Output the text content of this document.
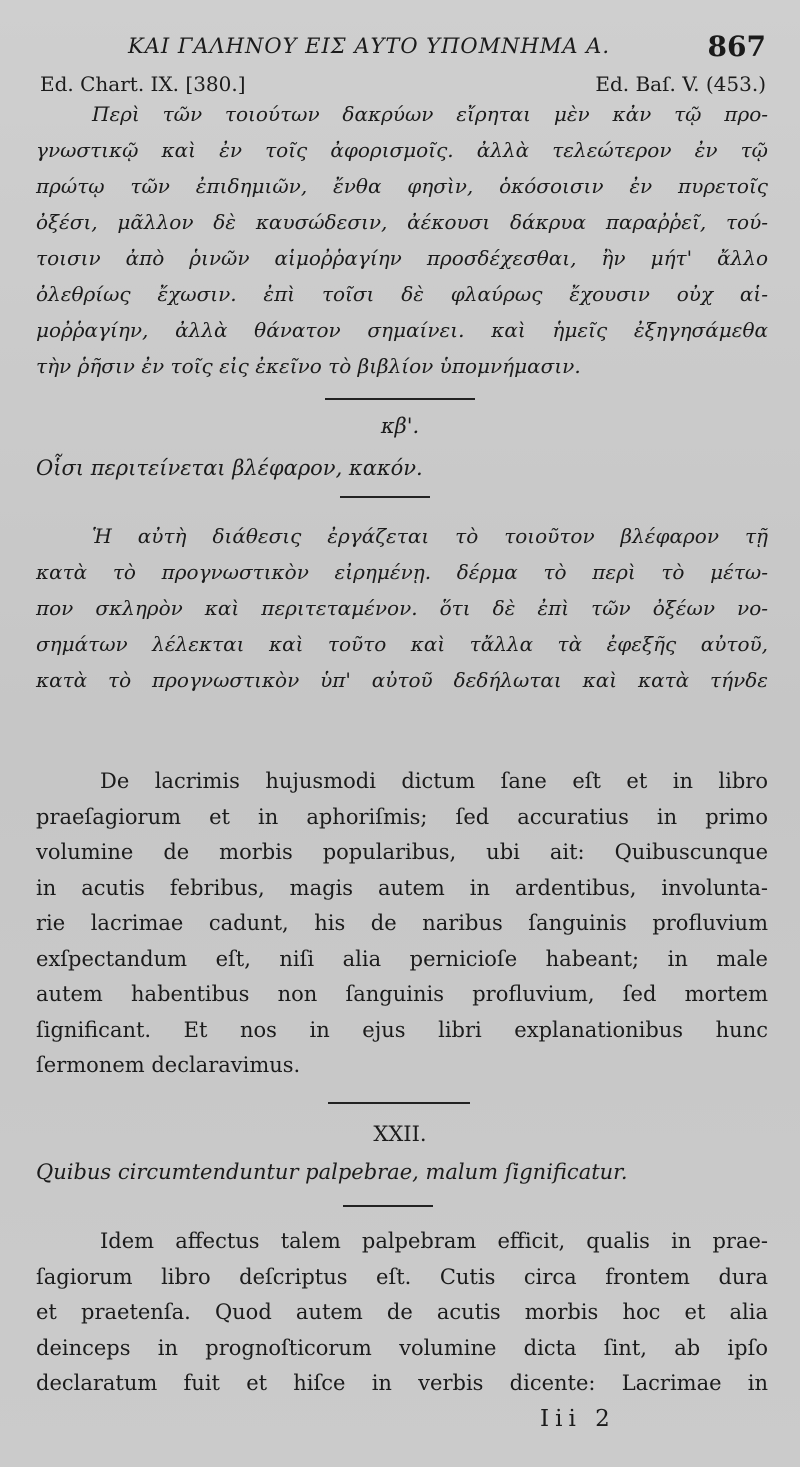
ΚΑΙ ΓΑΛΗΝΟΥ ΕΙΣ ΑΥΤΟ ΥΠΟΜΝΗΜΑ Α.	867
Ed. Chart. IX. [380.]	Ed. Baſ. V. (453.)
Περὶ τῶν τοιούτων δακρύων εἴρηται μὲν κἀν τῷ προ-
γνωστικῷ καὶ ἐν τοῖς ἀφορισμοῖς. ἀλλὰ τελεώτερον ἐν τῷ
πρώτῳ τῶν ἐπιδημιῶν, ἔνθα φησὶν, ὁκόσοισιν ἐν πυρετοῖς
ὀξέσι, μᾶλλον δὲ καυσώδεσιν, ἀέκουσι δάκρυα παραῤῥεῖ, τού-
τοισιν ἀπὸ ῥινῶν αἱμοῤῥαγίην προσδέχεσθαι, ἢν μήτ' ἄλλο
ὀλεθρίως ἔχωσιν. ἐπὶ τοῖσι δὲ φλαύρως ἔχουσιν οὐχ αἱ-
μοῤῥαγίην, ἀλλὰ θάνατον σημαίνει. καὶ ἡμεῖς ἐξηγησάμεθα
τὴν ῥῆσιν ἐν τοῖς εἰς ἐκεῖνο τὸ βιβλίον ὑπομνήμασιν.
κβ'.
Οἷσι περιτείνεται βλέφαρον, κακόν.
Ἡ αὐτὴ διάθεσις ἐργάζεται τὸ τοιοῦτον βλέφαρον τῇ
κατὰ τὸ προγνωστικὸν εἰρημένῃ. δέρμα τὸ περὶ τὸ μέτω-
πον σκληρὸν καὶ περιτεταμένον. ὅτι δὲ ἐπὶ τῶν ὀξέων νο-
σημάτων λέλεκται καὶ τοῦτο καὶ τἄλλα τὰ ἐφεξῆς αὐτοῦ,
κατὰ τὸ προγνωστικὸν ὑπ' αὐτοῦ δεδήλωται καὶ κατὰ τήνδε
De lacrimis hujusmodi dictum ſane eſt et in libro
praeſagiorum et in aphoriſmis; ſed accuratius in primo
volumine de morbis popularibus, ubi ait: Quibuscunque
in acutis febribus, magis autem in ardentibus, involunta-
rie lacrimae cadunt, his de naribus ſanguinis profluvium
exſpectandum eſt, niſi alia pernicioſe habeant; in male
autem habentibus non ſanguinis profluvium, ſed mortem
ſignificant. Et nos in ejus libri explanationibus hunc
ſermonem declaravimus.
XXII.
Quibus circumtenduntur palpebrae, malum ſignificatur.
Idem affectus talem palpebram efficit, qualis in prae-
ſagiorum libro deſcriptus eſt. Cutis circa frontem dura
et praetenſa. Quod autem de acutis morbis hoc et alia
deinceps in prognoſticorum volumine dicta ſint, ab ipſo
declaratum fuit et hiſce in verbis dicente: Lacrimae in
Iii 2
